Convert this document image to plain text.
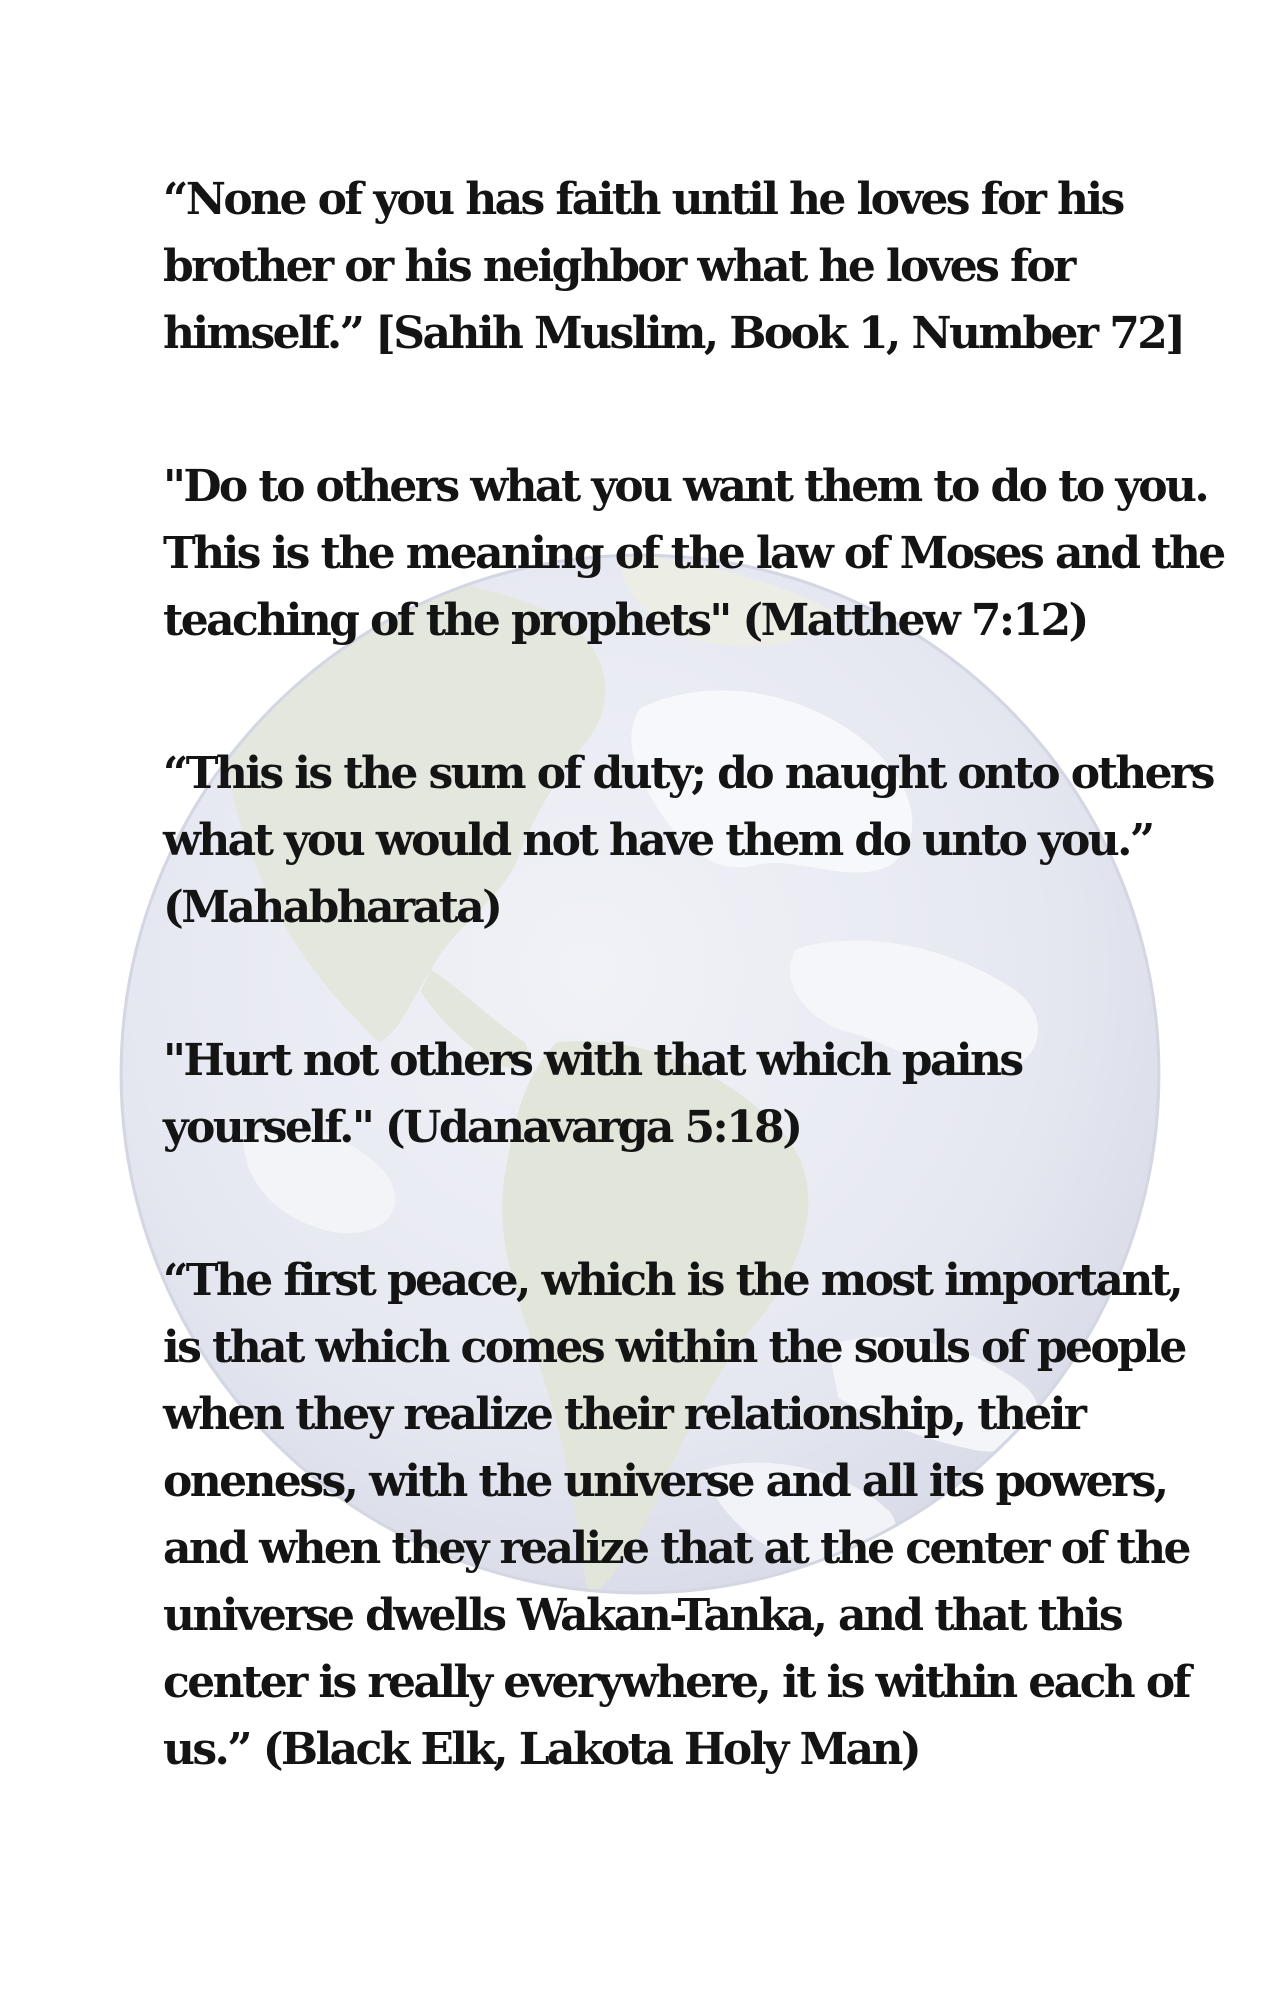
“None of you has faith until he loves for his
brother or his neighbor what he loves for
himself.” [Sahih Muslim, Book 1, Number 72]

"Do to others what you want them to do to you.
This is the meaning of the law of Moses and the
teaching of the prophets" (Matthew 7:12)

“This is the sum of duty; do naught onto others
what you would not have them do unto you.”
(Mahabharata)

"Hurt not others with that which pains
yourself." (Udanavarga 5:18)

“The first peace, which is the most important,
is that which comes within the souls of people
when they realize their relationship, their
oneness, with the universe and all its powers,
and when they realize that at the center of the
universe dwells Wakan-Tanka, and that this
center is really everywhere, it is within each of
us.” (Black Elk, Lakota Holy Man)
